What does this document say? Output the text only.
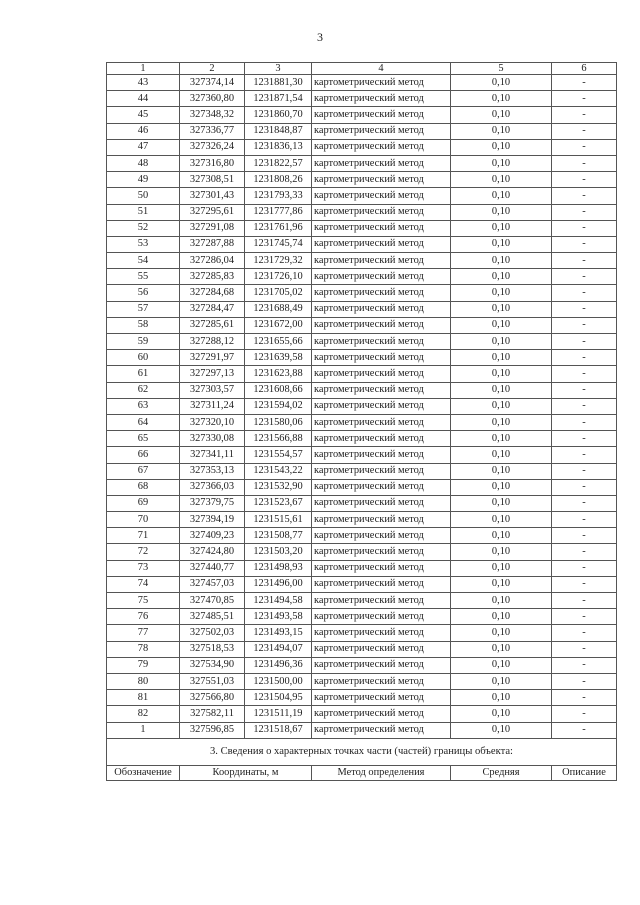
3
1	2	3	4	5	6
43	327374,14	1231881,30	картометрический метод	0,10	-
44	327360,80	1231871,54	картометрический метод	0,10	-
45	327348,32	1231860,70	картометрический метод	0,10	-
46	327336,77	1231848,87	картометрический метод	0,10	-
47	327326,24	1231836,13	картометрический метод	0,10	-
48	327316,80	1231822,57	картометрический метод	0,10	-
49	327308,51	1231808,26	картометрический метод	0,10	-
50	327301,43	1231793,33	картометрический метод	0,10	-
51	327295,61	1231777,86	картометрический метод	0,10	-
52	327291,08	1231761,96	картометрический метод	0,10	-
53	327287,88	1231745,74	картометрический метод	0,10	-
54	327286,04	1231729,32	картометрический метод	0,10	-
55	327285,83	1231726,10	картометрический метод	0,10	-
56	327284,68	1231705,02	картометрический метод	0,10	-
57	327284,47	1231688,49	картометрический метод	0,10	-
58	327285,61	1231672,00	картометрический метод	0,10	-
59	327288,12	1231655,66	картометрический метод	0,10	-
60	327291,97	1231639,58	картометрический метод	0,10	-
61	327297,13	1231623,88	картометрический метод	0,10	-
62	327303,57	1231608,66	картометрический метод	0,10	-
63	327311,24	1231594,02	картометрический метод	0,10	-
64	327320,10	1231580,06	картометрический метод	0,10	-
65	327330,08	1231566,88	картометрический метод	0,10	-
66	327341,11	1231554,57	картометрический метод	0,10	-
67	327353,13	1231543,22	картометрический метод	0,10	-
68	327366,03	1231532,90	картометрический метод	0,10	-
69	327379,75	1231523,67	картометрический метод	0,10	-
70	327394,19	1231515,61	картометрический метод	0,10	-
71	327409,23	1231508,77	картометрический метод	0,10	-
72	327424,80	1231503,20	картометрический метод	0,10	-
73	327440,77	1231498,93	картометрический метод	0,10	-
74	327457,03	1231496,00	картометрический метод	0,10	-
75	327470,85	1231494,58	картометрический метод	0,10	-
76	327485,51	1231493,58	картометрический метод	0,10	-
77	327502,03	1231493,15	картометрический метод	0,10	-
78	327518,53	1231494,07	картометрический метод	0,10	-
79	327534,90	1231496,36	картометрический метод	0,10	-
80	327551,03	1231500,00	картометрический метод	0,10	-
81	327566,80	1231504,95	картометрический метод	0,10	-
82	327582,11	1231511,19	картометрический метод	0,10	-
1	327596,85	1231518,67	картометрический метод	0,10	-
3. Сведения о характерных точках части (частей) границы объекта:					
Обозначение	Координаты, м		Метод определения	Средняя	Описание
